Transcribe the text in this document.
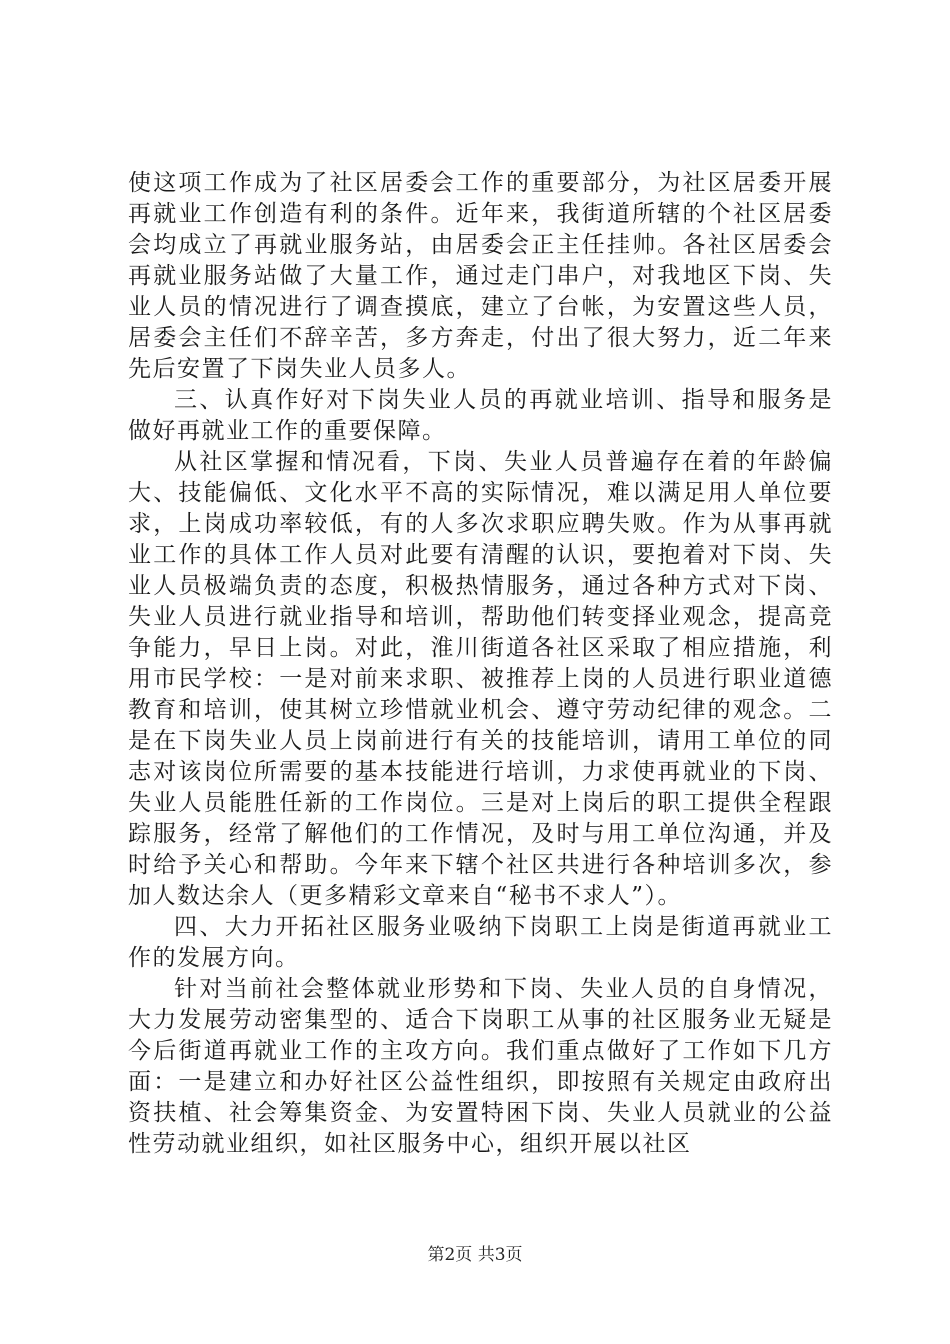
使这项工作成为了社区居委会工作的重要部分，为社区居委开展再就业工作创造有利的条件。近年来，我街道所辖的个社区居委会均成立了再就业服务站，由居委会正主任挂帅。各社区居委会再就业服务站做了大量工作，通过走门串户，对我地区下岗、失业人员的情况进行了调查摸底，建立了台帐，为安置这些人员，居委会主任们不辞辛苦，多方奔走，付出了很大努力，近二年来先后安置了下岗失业人员多人。

三、认真作好对下岗失业人员的再就业培训、指导和服务是做好再就业工作的重要保障。

从社区掌握和情况看，下岗、失业人员普遍存在着的年龄偏大、技能偏低、文化水平不高的实际情况，难以满足用人单位要求，上岗成功率较低，有的人多次求职应聘失败。作为从事再就业工作的具体工作人员对此要有清醒的认识，要抱着对下岗、失业人员极端负责的态度，积极热情服务，通过各种方式对下岗、失业人员进行就业指导和培训，帮助他们转变择业观念，提高竞争能力，早日上岗。对此，淮川街道各社区采取了相应措施，利用市民学校：一是对前来求职、被推荐上岗的人员进行职业道德教育和培训，使其树立珍惜就业机会、遵守劳动纪律的观念。二是在下岗失业人员上岗前进行有关的技能培训，请用工单位的同志对该岗位所需要的基本技能进行培训，力求使再就业的下岗、失业人员能胜任新的工作岗位。三是对上岗后的职工提供全程跟踪服务，经常了解他们的工作情况，及时与用工单位沟通，并及时给予关心和帮助。今年来下辖个社区共进行各种培训多次，参加人数达余人（更多精彩文章来自“秘书不求人”）。

四、大力开拓社区服务业吸纳下岗职工上岗是街道再就业工作的发展方向。

针对当前社会整体就业形势和下岗、失业人员的自身情况，大力发展劳动密集型的、适合下岗职工从事的社区服务业无疑是今后街道再就业工作的主攻方向。我们重点做好了工作如下几方面：一是建立和办好社区公益性组织，即按照有关规定由政府出资扶植、社会筹集资金、为安置特困下岗、失业人员就业的公益性劳动就业组织，如社区服务中心，组织开展以社区

第2页 共3页
